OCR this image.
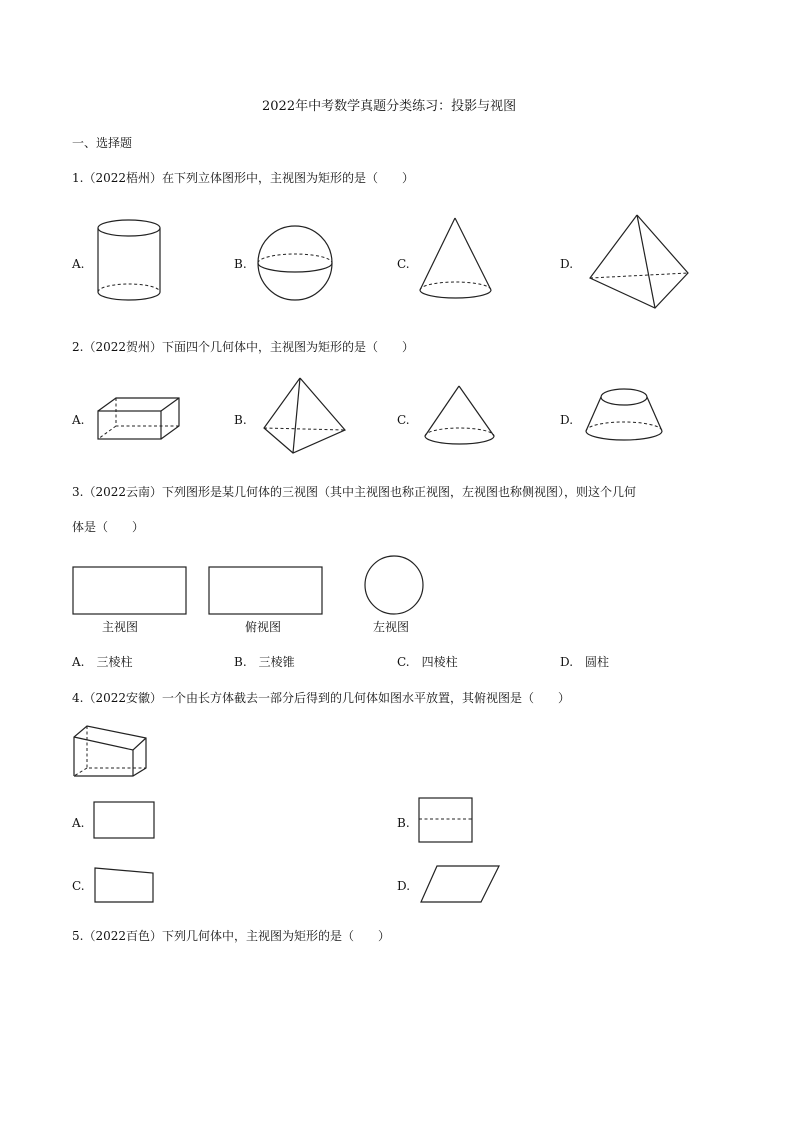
2022年中考数学真题分类练习：投影与视图
一、选择题
1.（2022梧州）在下列立体图形中，主视图为矩形的是（　　）
A.	B.	C.	D.
2.（2022贺州）下面四个几何体中，主视图为矩形的是（　　）
A.	B.	C.	D.
3.（2022云南）下列图形是某几何体的三视图（其中主视图也称正视图，左视图也称侧视图），则这个几何
体是（　　）
主视图	俯视图	左视图
A.　三棱柱	B.　三棱锥	C.　四棱柱	D.　圆柱
4.（2022安徽）一个由长方体截去一部分后得到的几何体如图水平放置，其俯视图是（　　）
A.	B.
C.	D.
5.（2022百色）下列几何体中，主视图为矩形的是（　　）
